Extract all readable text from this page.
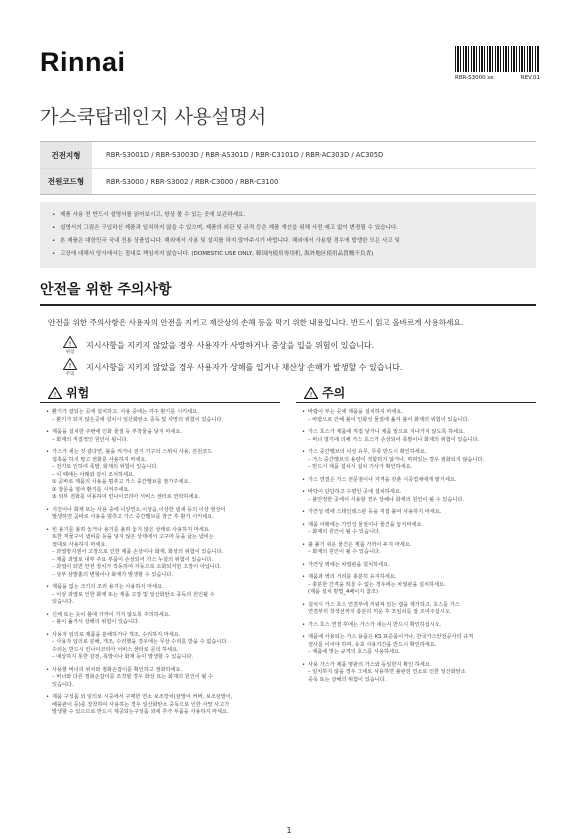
Rinnai
RBR-S3000 se	REV.01
가스쿡탑레인지 사용설명서
건전지형	RBR-S3001D / RBR-S3003D / RBR-AS301D / RBR-C3101D / RBR-AC303D / AC305D
전원코드형	RBR-S3000 / RBR-S3002 / RBR-C3000 / RBR-C3100
• 제품 사용 전 반드시 설명서를 읽어보시고, 항상 볼 수 있는 곳에 보관하세요.
• 설명서의 그림은 구입하신 제품과 일치하지 않을 수 있으며, 제품의 외관 및 규격 등은 제품 개선을 위해 사전 예고 없이 변경될 수 있습니다.
• 본 제품은 대한민국 국내 전용 상품입니다. 해외에서 사용 및 설치를 하지 말아주시기 바랍니다. 해외에서 사용할 경우에 발생한 모든 사고 및
• 고장에 대해서 당사에서는 절대로 책임지지 않습니다. (DOMESTIC USE ONLY, 韓国内使用専用机, 海外地区使用品質概不負責)
안전을 위한 주의사항

안전을 위한 주의사항은 사용자의 안전을 지키고 재산상의 손해 등을 막기 위한 내용입니다. 반드시 읽고 올바르게 사용하세요.

!
위험
지시사항을 지키지 않았을 경우 사용자가 사망하거나 중상을 입을 위험이 있습니다.
!
주의
지시사항을 지키지 않았을 경우 사용자가 상해를 입거나 재산상 손해가 발생할 수 있습니다.
! 위험
• 환기가 잘되는 곳에 설치하고, 사용 중에는 자주 환기를 시키세요.
– 환기가 되지 않은곳에 설치시 일산화탄소 중독 및 사망의 위험이 있습니다.
• 제품을 설치한 주변에 인화 물질 등 부착물을 닿지 마세요.
– 화재의 직접적인 원인이 됩니다.
• 가스가 새는 것 같다면, 불을 켜거나 전기 기구의 스위치 사용, 전원코드
접촉을 하지 말고 전화를 사용하지 마세요.
– 전기로 인하여 폭발, 화재의 위험이 있습니다.
– 이 때에는 아래와 같이 조치하세요.
① 곧바로 제품의 사용을 멈추고 가스 중간밸브를 잠가주세요.
② 창문을 열어 환기를 시켜주세요.
③ 외부 전화를 이용하여 린나이코리아 서비스 센터로 연락하세요.
• 지진이나 화재 또는 사용 중에 이상연소,이상음,이상한 냄새 등의 이상 현상이
발생하면 곧바로 사용을 멈추고 가스 중간밸브를 잠근 후 환기 시키세요.
• 빈 용기를 올려 놓거나 용기를 올려 놓지 않은 상태로 사용하지 마세요.
또한 직물구이 냄비를 등을 넣지 않은 상태에서 고구마 등을 굽는 냄비는
절대로 사용하지 마세요.
– 과열방지센서 고장으로 인한 제품 손상이나 화재, 화상의 위험이 있습니다.
– 제품 과열로 내부 주요 부품이 손상되어 가스 누설의 위험이 있습니다.
– 과열이 되면 안전 장치가 작동하여 자동으로 소화되지만 고장이 아닙니다.
– 상부 삼발홈의 변형이나 화재가 발생할 수 있습니다.
• 제품을 없는 크기의 조리 용기는 사용하지 마세요.
– 이상 과열로 인한 화재 또는 제품 고장 및 일산화탄소 중독의 원인될 수
있습니다.
• 신체 또는 옷이 불에 가까이 가지 않도록 주의하세요.
– 불이 옮겨서 상해의 위험이 있습니다.
• 사용자 임의로 제품을 분해하거나 개조, 수리하지 마세요.
– 사용자 임의로 분해, 개조, 수리했을 경우에는 무상 수리를 받을 수 없습니다.
수리는 반드시 린나이코리아 서비스 센터로 문의 하세요.
– 예상하지 못한 감전, 폭발이나 화재 등이 발생할 수 있습니다.
• 사용할 버너의 위치와 점화손잡이를 확인하고 점화하세요.
– 버너와 다른 점화손잡이를 조작할 경우 화상 또는 화재의 원인이 될 수
있습니다.
• 제품 구성품 외 임의로 시중에서 구매한 연소 보조장치(삼발이 커버, 보조삼발이,
배플판이 등)를 장착하여 사용하는 경우 일산화탄소 중독으로 인한 사망 사고가
발생할 수 있으므로 반드시 제공되는구성품 외에 추가 부품을 사용하지 마세요.
! 주의
• 바람이 부는 곳에 제품을 설치하지 마세요.
– 바람으로 인해 불이 인화성 물질에 옮겨 붙어 화재의 위험이 있습니다.
• 가스 호스가 제품에 직접 닿거나 제품 밑으로 지나가지 않도록 하세요.
– 버너 열기에 의해 가스 호스가 손상되어 폭발이나 화재의 위험이 있습니다.
• 가스 중간밸브의 이상 유무, 무류 반드시 확인하세요.
– 가스 중간밸브의 용량이 적합하지 않거나, 막혀있는 경우 점화되지 않습니다.
– 반드시 제품 설치시 설치 기사가 확인하세요.
• 가스 연결은 가스 전문점이나 자격을 갖춘 시공업체에게 맡기세요.
• 바닥이 단단하고 수평인 곳에 설치하세요.
– 불안정한 곳에서 사용할 경우 상해나 화재의 원인이 될 수 있습니다.
• 가연성 벽에 스테인레스판 등을 직접 붙여 사용하지 마세요.
• 제품 아래에는 가연성 물질이나 물건을 놓지마세요.
– 화재의 원인이 될 수 있습니다.
• 불 붙기 쉬운 물건은 제품 가까이 두지 마세요.
– 화재의 원인이 될 수 있습니다.
• 가연성 벽에는 차열판을 설치하세요.
• 제품과 벽의 거리를 충분히 유지하세요.
– 충분한 간격을 띄울 수 없는 경우에는 차열판을 설치하세요.
(제품 설치 방법_4페이지 참조)
• 설치시 가스 호스 연결부에 끼워져 있는 캡을 제거하고, 호스를 가스
연결부의 착색선까지 충분히 끼운 후 조임쇠를 잘 조여주십시오.
• 가스 호스 연결 후에는 가스가 새는지 반드시 확인하십시오.
• 제품에 사용되는 가스 용품은 KS 표준품이거나, 한국가스안전공사의 규격
검사를 이어야 하며, 유효 사용기간을 반드시 확인하세요.
– 제품에 맞는 규격의 호스를 사용하세요.
• 사용 가스가 제품 명판의 가스와 동일한지 확인 하세요.
– 일치하지 않을 경우 그대로 사용하면 불완전 연소로 인한 일산화탄소
중독 또는 상해의 위험이 있습니다.
1
